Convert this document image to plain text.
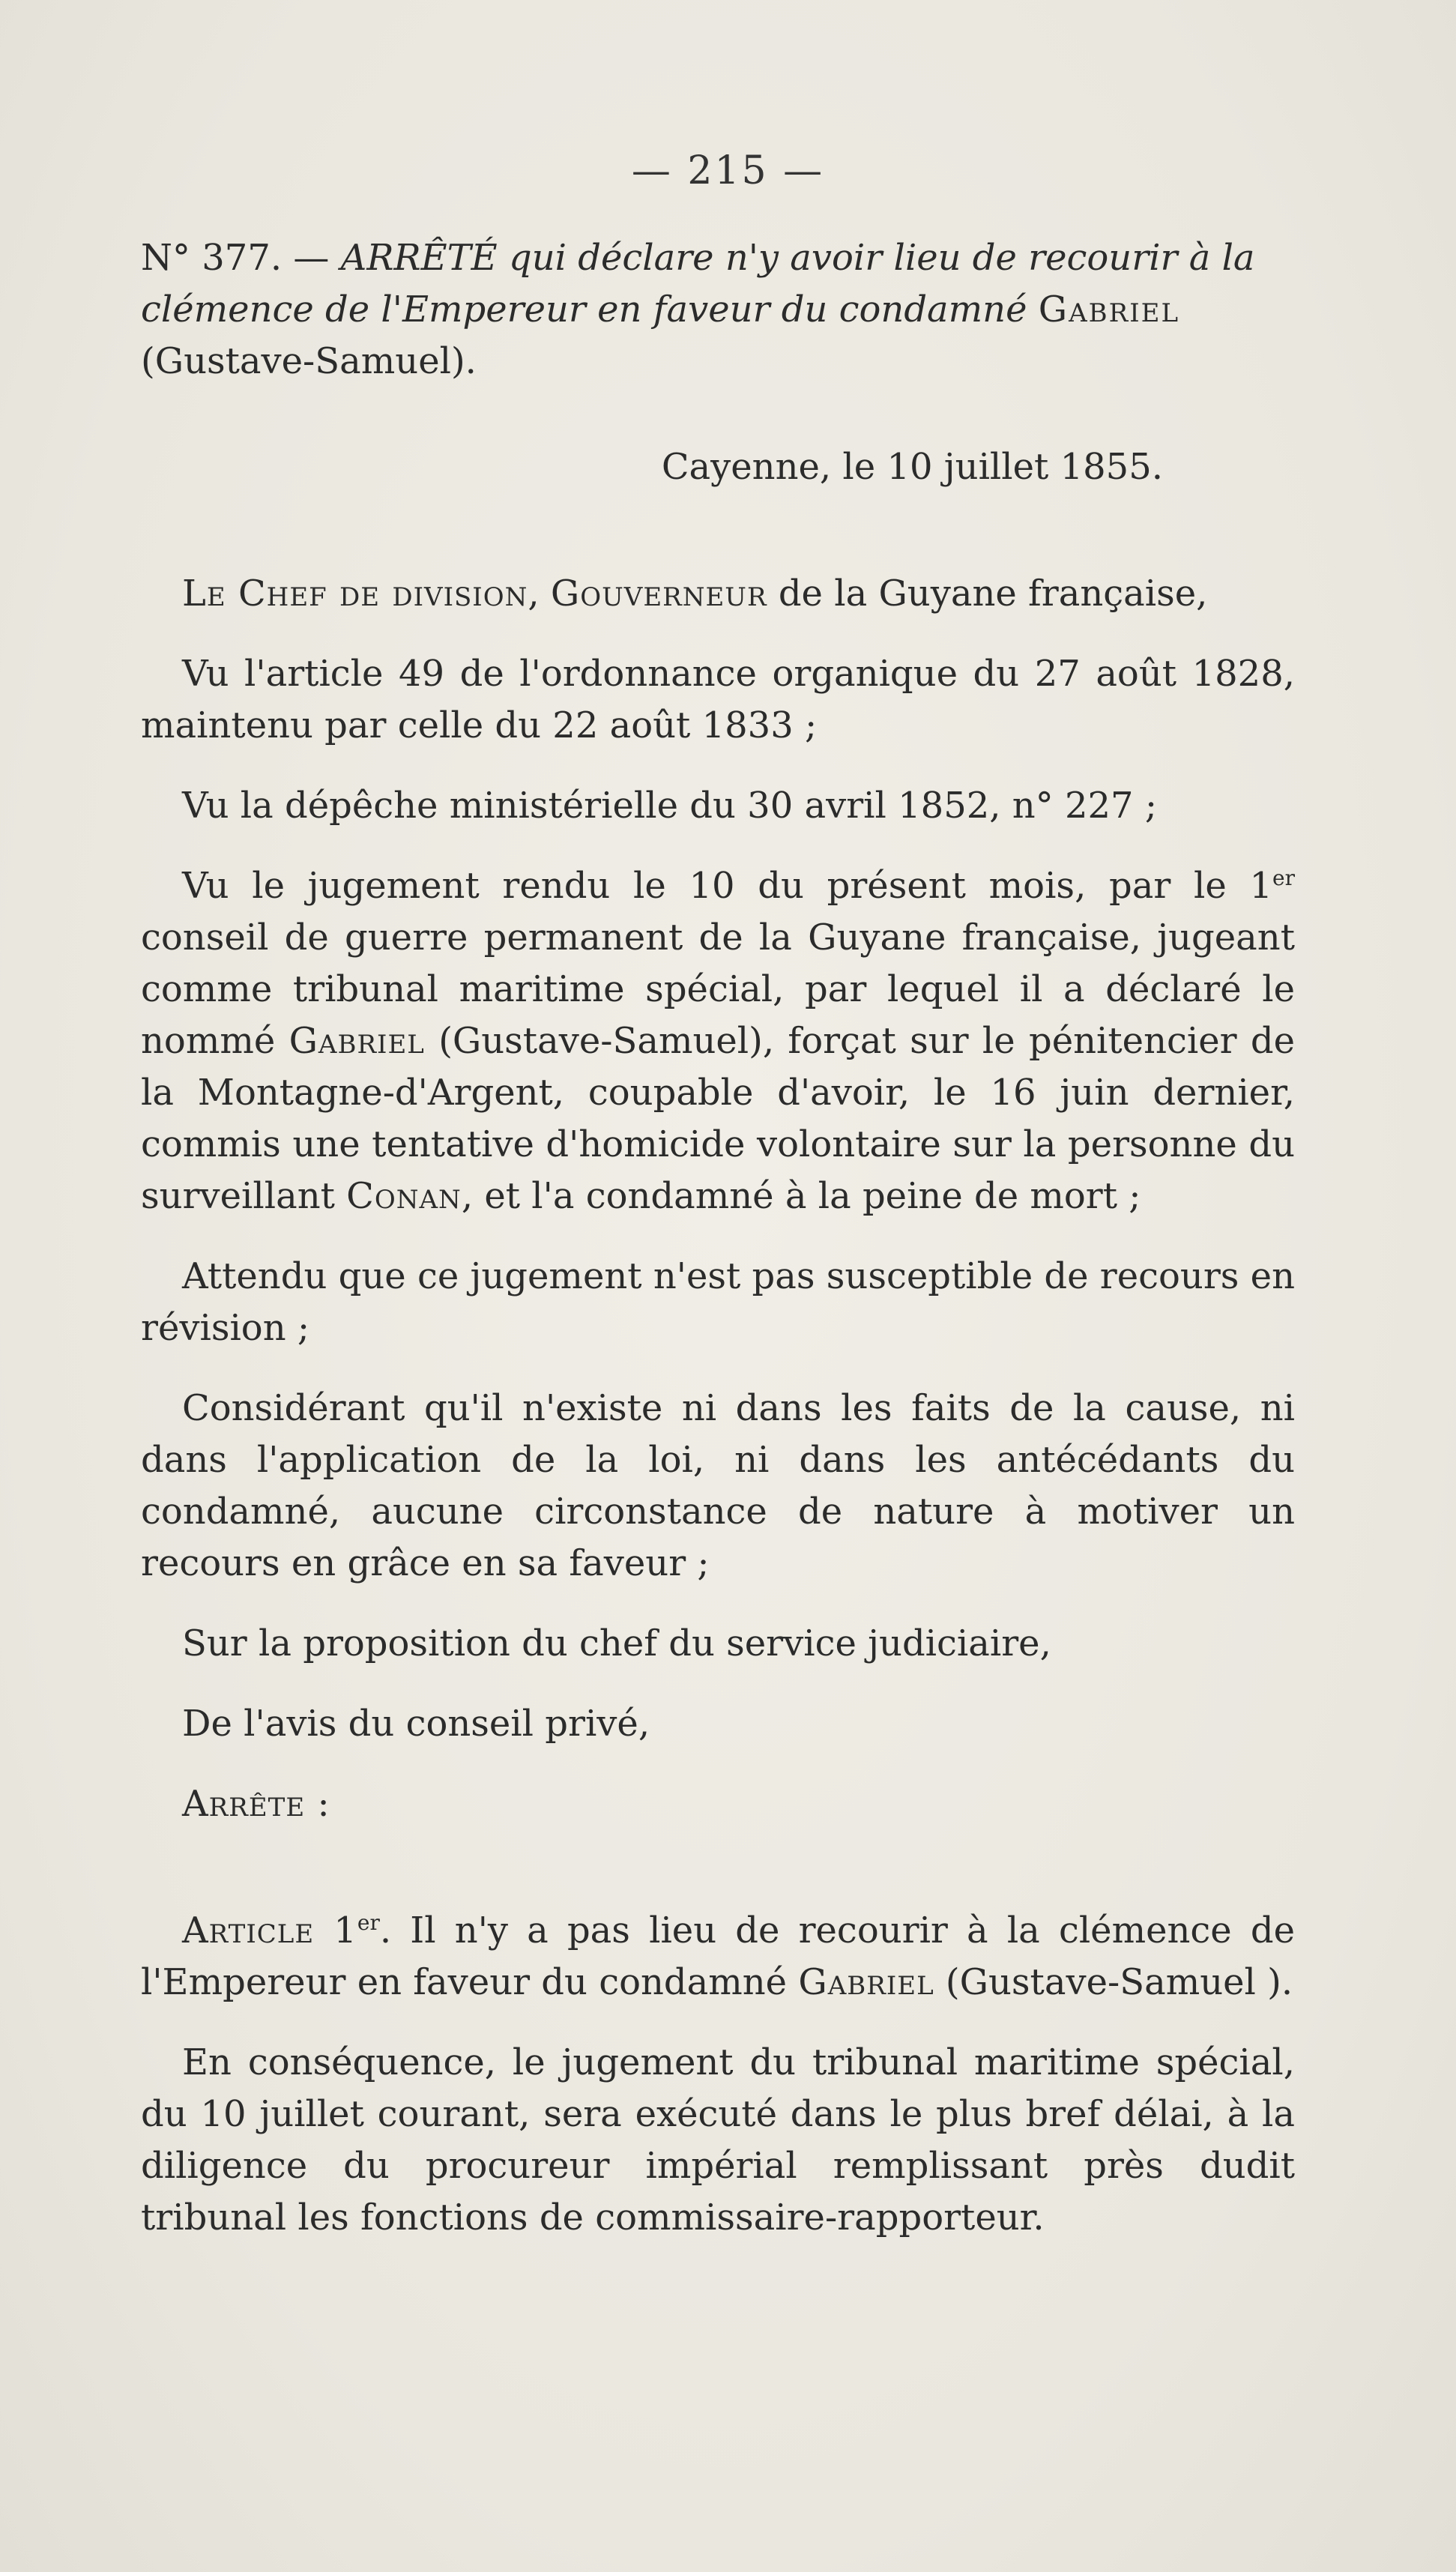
— 215 —

N° 377. — ARRÊTÉ qui déclare n'y avoir lieu de recourir à la clémence de l'Empereur en faveur du condamné Gabriel
(Gustave-Samuel).

Cayenne, le 10 juillet 1855.

Le Chef de division, Gouverneur de la Guyane française,

Vu l'article 49 de l'ordonnance organique du 27 août 1828, maintenu par celle du 22 août 1833 ;

Vu la dépêche ministérielle du 30 avril 1852, n° 227 ;

Vu le jugement rendu le 10 du présent mois, par le 1er conseil de guerre permanent de la Guyane française, jugeant comme tribunal maritime spécial, par lequel il a déclaré le nommé Gabriel (Gustave-Samuel), forçat sur le pénitencier de la Montagne-d'Argent, coupable d'avoir, le 16 juin dernier, commis une tentative d'homicide volontaire sur la personne du surveillant Conan, et l'a condamné à la peine de mort ;

Attendu que ce jugement n'est pas susceptible de recours en révision ;

Considérant qu'il n'existe ni dans les faits de la cause, ni dans l'application de la loi, ni dans les antécédants du condamné, aucune circonstance de nature à motiver un recours en grâce en sa faveur ;

Sur la proposition du chef du service judiciaire,

De l'avis du conseil privé,

Arrête :

Article 1er. Il n'y a pas lieu de recourir à la clémence de l'Empereur en faveur du condamné Gabriel (Gustave-Samuel ).

En conséquence, le jugement du tribunal maritime spécial, du 10 juillet courant, sera exécuté dans le plus bref délai, à la diligence du procureur impérial remplissant près dudit tribunal les fonctions de commissaire-rapporteur.
